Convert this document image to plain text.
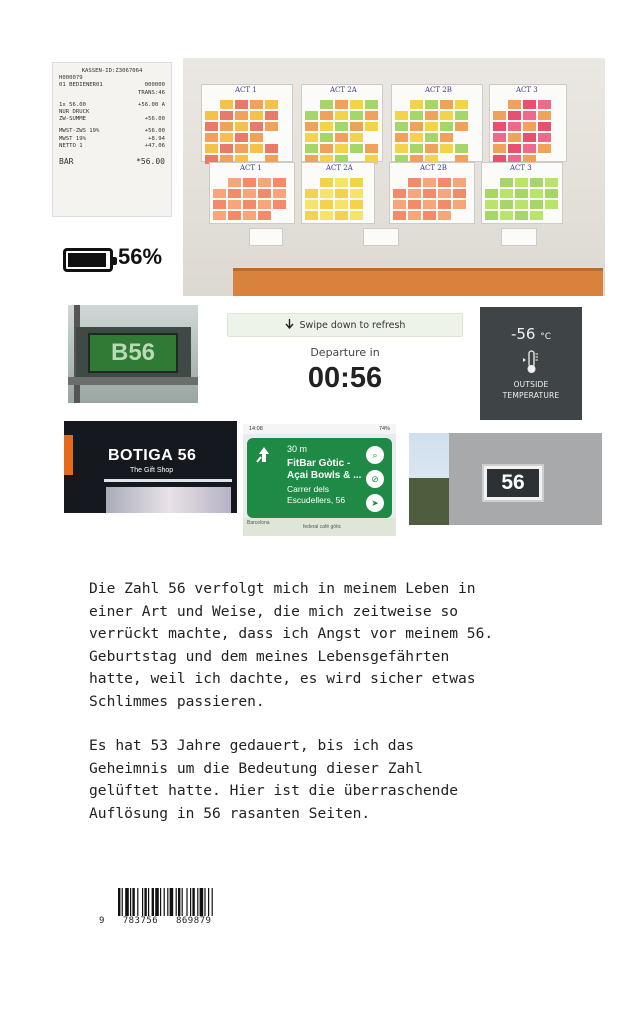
KASSEN-ID:Z3067064
H000079
01 BEDIENER01	000000
TRANS:46
1x 56.00	+56.00 A
NUR DRUCK
ZW-SUMME	+56.00
MWST-ZWS 19%	+56.00
MWST 19%	+8.94
NETTO 1	+47.06
BAR	*56.00
ACT 1	ACT 2A	ACT 2B	ACT 3
ACT 1	ACT 2A	ACT 2B	ACT 3
56%
B56
Swipe down to refresh
Departure in
00:56
-56 °C
OUTSIDE
TEMPERATURE
BOTIGA 56
The Gift Shop
14:08	74%
30 m
FitBar Gòtic - Açai Bowls & ...
Carrer dels Escudellers, 56
⌕
⊘
➤
Barcelona
federal café gòtic
56

Die Zahl 56 verfolgt mich in meinem Leben in
einer Art und Weise, die mich zeitweise so
verrückt machte, dass ich Angst vor meinem 56.
Geburtstag und dem meines Lebensgefährten
hatte, weil ich dachte, es wird sicher etwas
Schlimmes passieren.

Es hat 53 Jahre gedauert, bis ich das
Geheimnis um die Bedeutung dieser Zahl
gelüftet hatte. Hier ist die überraschende
Auflösung in 56 rasanten Seiten.

9 783756 869879
